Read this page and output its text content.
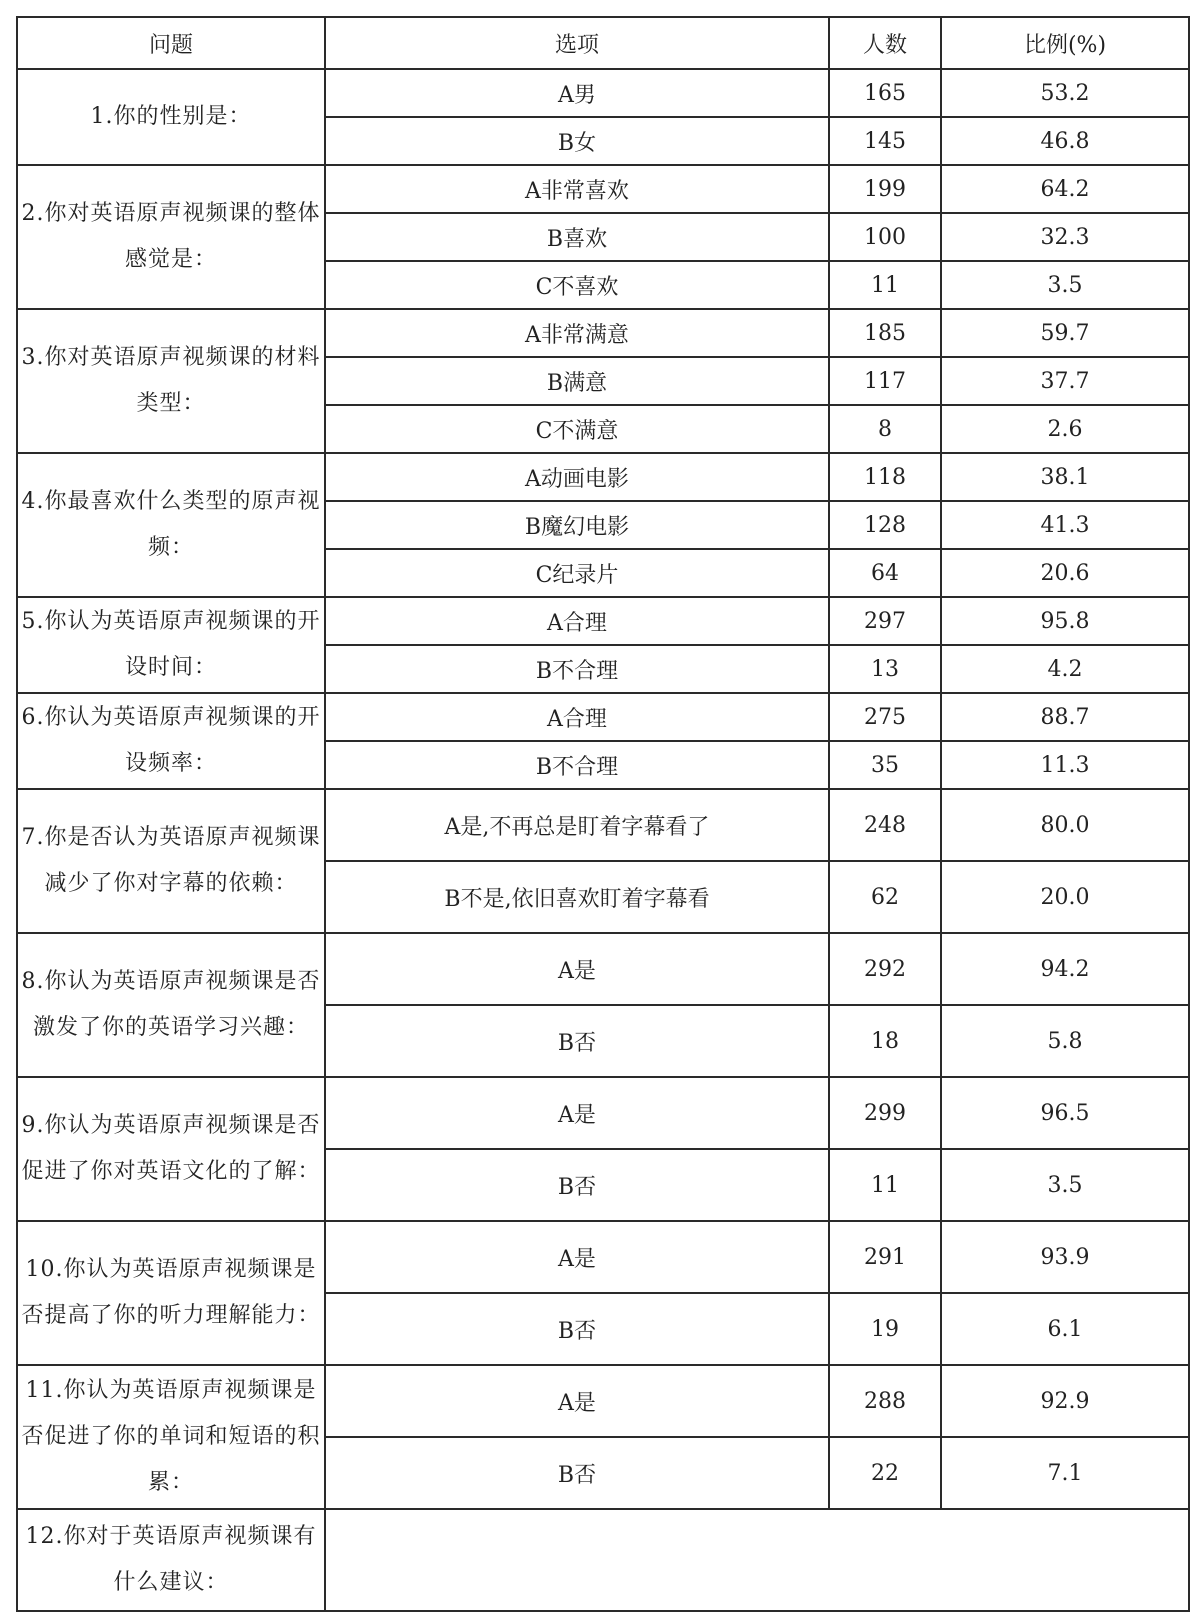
问题	选项	人数	比例(%)
1.你的性别是：	A男	165	53.2
	B女	145	46.8
2.你对英语原声视频课的整体感觉是：	A非常喜欢	199	64.2
	B喜欢	100	32.3
	C不喜欢	11	3.5
3.你对英语原声视频课的材料类型：	A非常满意	185	59.7
	B满意	117	37.7
	C不满意	8	2.6
4.你最喜欢什么类型的原声视频：	A动画电影	118	38.1
	B魔幻电影	128	41.3
	C纪录片	64	20.6
5.你认为英语原声视频课的开设时间：	A合理	297	95.8
	B不合理	13	4.2
6.你认为英语原声视频课的开设频率：	A合理	275	88.7
	B不合理	35	11.3
7.你是否认为英语原声视频课减少了你对字幕的依赖：	A是,不再总是盯着字幕看了	248	80.0
	B不是,依旧喜欢盯着字幕看	62	20.0
8.你认为英语原声视频课是否激发了你的英语学习兴趣：	A是	292	94.2
	B否	18	5.8
9.你认为英语原声视频课是否促进了你对英语文化的了解：	A是	299	96.5
	B否	11	3.5
10.你认为英语原声视频课是否提高了你的听力理解能力：	A是	291	93.9
	B否	19	6.1
11.你认为英语原声视频课是否促进了你的单词和短语的积累：	A是	288	92.9
	B否	22	7.1
12.你对于英语原声视频课有什么建议：			
